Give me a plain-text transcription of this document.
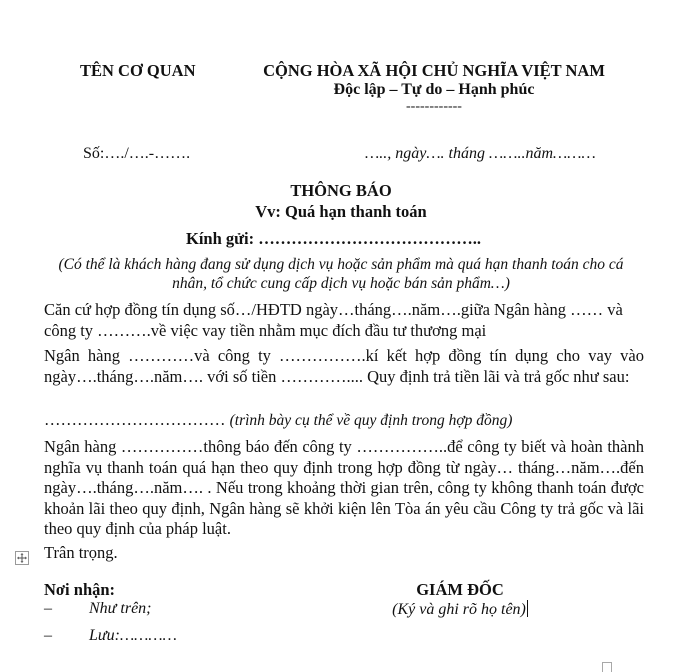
TÊN CƠ QUAN	CỘNG HÒA XÃ HỘI CHỦ NGHĨA VIỆT NAM
Độc lập – Tự do – Hạnh phúc
------------
Số:…./….-…….	….., ngày…. tháng ……..năm………
THÔNG BÁO
Vv: Quá hạn thanh toán
Kính gửi: …………………………………..
(Có thể là khách hàng đang sử dụng dịch vụ hoặc sản phẩm mà quá hạn thanh toán cho cá nhân, tổ chức cung cấp dịch vụ hoặc bán sản phẩm…)
Căn cứ hợp đồng tín dụng số…/HĐTD ngày…tháng….năm….giữa Ngân hàng …… và công ty ……….về việc vay tiền nhằm mục đích đầu tư thương mại
Ngân hàng …………và công ty …………….kí kết hợp đồng tín dụng cho vay vào ngày….tháng….năm…. với số tiền ………….... Quy định trả tiền lãi và trả gốc như sau:
…………………………… (trình bày cụ thể về quy định trong hợp đồng)
Ngân hàng ……………thông báo đến công ty ……………..để công ty biết và hoàn thành nghĩa vụ thanh toán quá hạn theo quy định trong hợp đồng từ ngày… tháng…năm….đến ngày….tháng….năm…. . Nếu trong khoảng thời gian trên, công ty không thanh toán được khoản lãi theo quy định, Ngân hàng sẽ khởi kiện lên Tòa án yêu cầu Công ty trả gốc và lãi theo quy định của pháp luật.
Trân trọng.
Nơi nhận:
– Như trên;
– Lưu:…………
GIÁM ĐỐC
(Ký và ghi rõ họ tên)
